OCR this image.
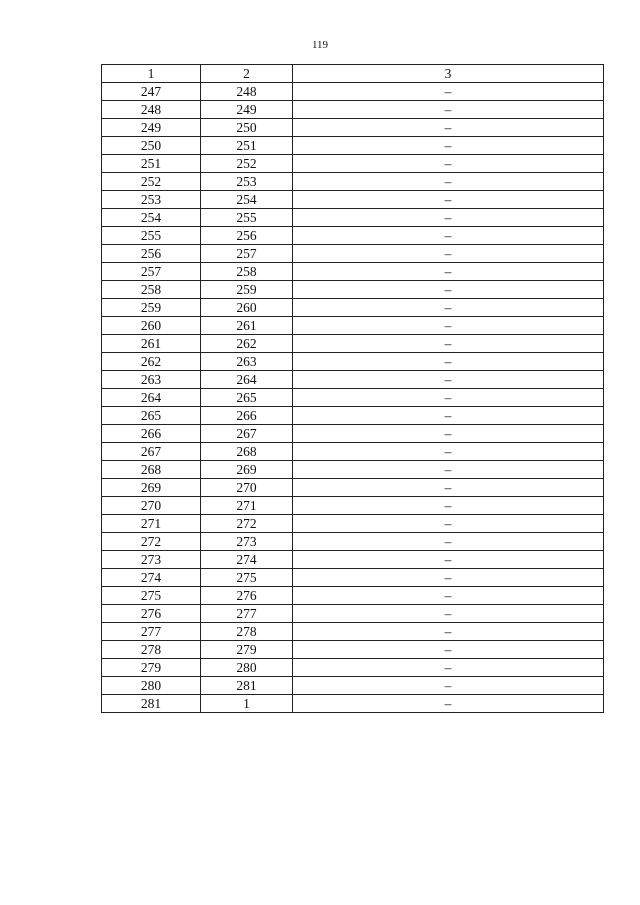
119
1	2	3
247	248	–
248	249	–
249	250	–
250	251	–
251	252	–
252	253	–
253	254	–
254	255	–
255	256	–
256	257	–
257	258	–
258	259	–
259	260	–
260	261	–
261	262	–
262	263	–
263	264	–
264	265	–
265	266	–
266	267	–
267	268	–
268	269	–
269	270	–
270	271	–
271	272	–
272	273	–
273	274	–
274	275	–
275	276	–
276	277	–
277	278	–
278	279	–
279	280	–
280	281	–
281	1	–
